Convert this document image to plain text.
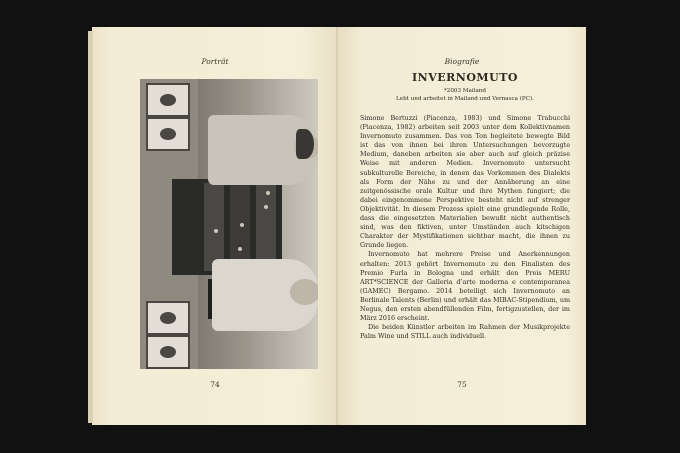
Porträt
74
Biografie
INVERNOMUTO

*2003 Mailand

Lebt und arbeitet in Mailand und Vernasca (PC).

Simone Bertuzzi (Piacenza, 1983) und Simone Trabucchi (Piacenza, 1982) arbeiten seit 2003 unter dem Kollektivnamen Invernomuto zusammen. Das von Ton begleitete bewegte Bild ist das von ihnen bei ihren Untersuchungen bevorzugte Medium, daneben arbeiten sie aber auch auf gleich präzise Weise mit anderen Medien. Invernomuto untersucht subkulturelle Bereiche, in denen das Vorkommen des Dialekts als Form der Nähe zu und der Annäherung an eine zeitgenössische orale Kultur und ihre Mythen fungiert; die dabei eingenommene Perspektive besteht nicht auf strenger Objektivität. In diesem Prozess spielt eine grundlegende Rolle, dass die eingesetzten Materialien bewußt nicht authentisch sind, was den fiktiven, unter Umständen auch kitschigen Charakter der Mystifikationen sichtbar macht, die ihnen zu Grunde liegen.

Invernomuto hat mehrere Preise und Anerkennungen erhalten: 2013 gehört Invernomuto zu den Finalisten des Premio Furla in Bologna und erhält den Preis MERU ART*SCIENCE der Galleria d’arte moderna e contemporanea (GAMEC) Bergamo. 2014 beteiligt sich Invernomuto an Berlinale Talents (Berlin) und erhält das MIBAC-Stipendium, um Negus, den ersten abendfüllenden Film, fertigzustellen, der im März 2016 erscheint.

Die beiden Künstler arbeiten im Rahmen der Musikprojekte Palm Wine und STILL auch individuell.

75
